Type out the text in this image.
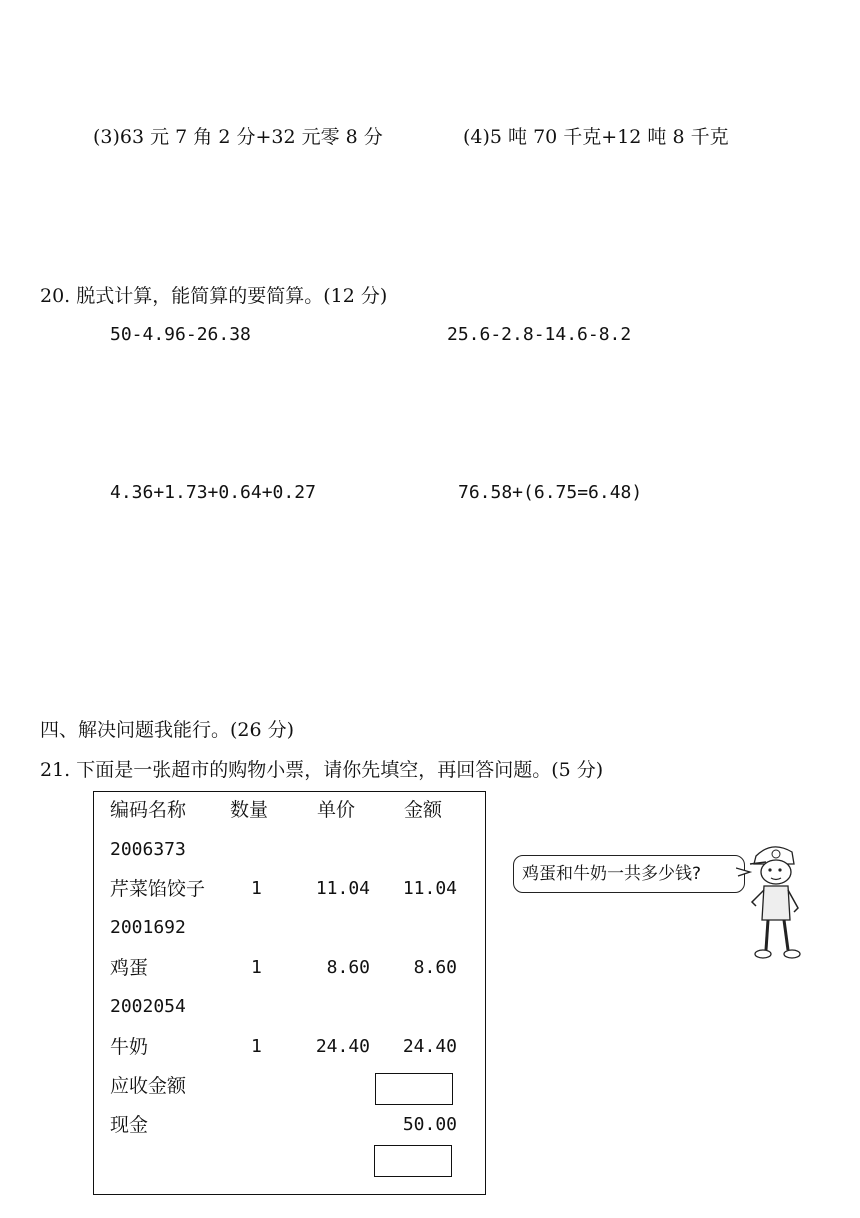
(3)63 元 7 角 2 分+32 元零 8 分	(4)5 吨 70 千克+12 吨 8 千克
20. 脱式计算，能简算的要简算。(12 分)
50-4.96-26.38	25.6-2.8-14.6-8.2
4.36+1.73+0.64+0.27	76.58+(6.75=6.48)
四、解决问题我能行。(26 分)
21. 下面是一张超市的购物小票，请你先填空，再回答问题。(5 分)
编码名称 数量	单价	金额
2006373
芹菜馅饺子	1	11.04	11.04
2001692
鸡蛋	1	8.60	8.60
2002054
牛奶	1	24.40	24.40
应收金额
现金	50.00
鸡蛋和牛奶一共多少钱?
